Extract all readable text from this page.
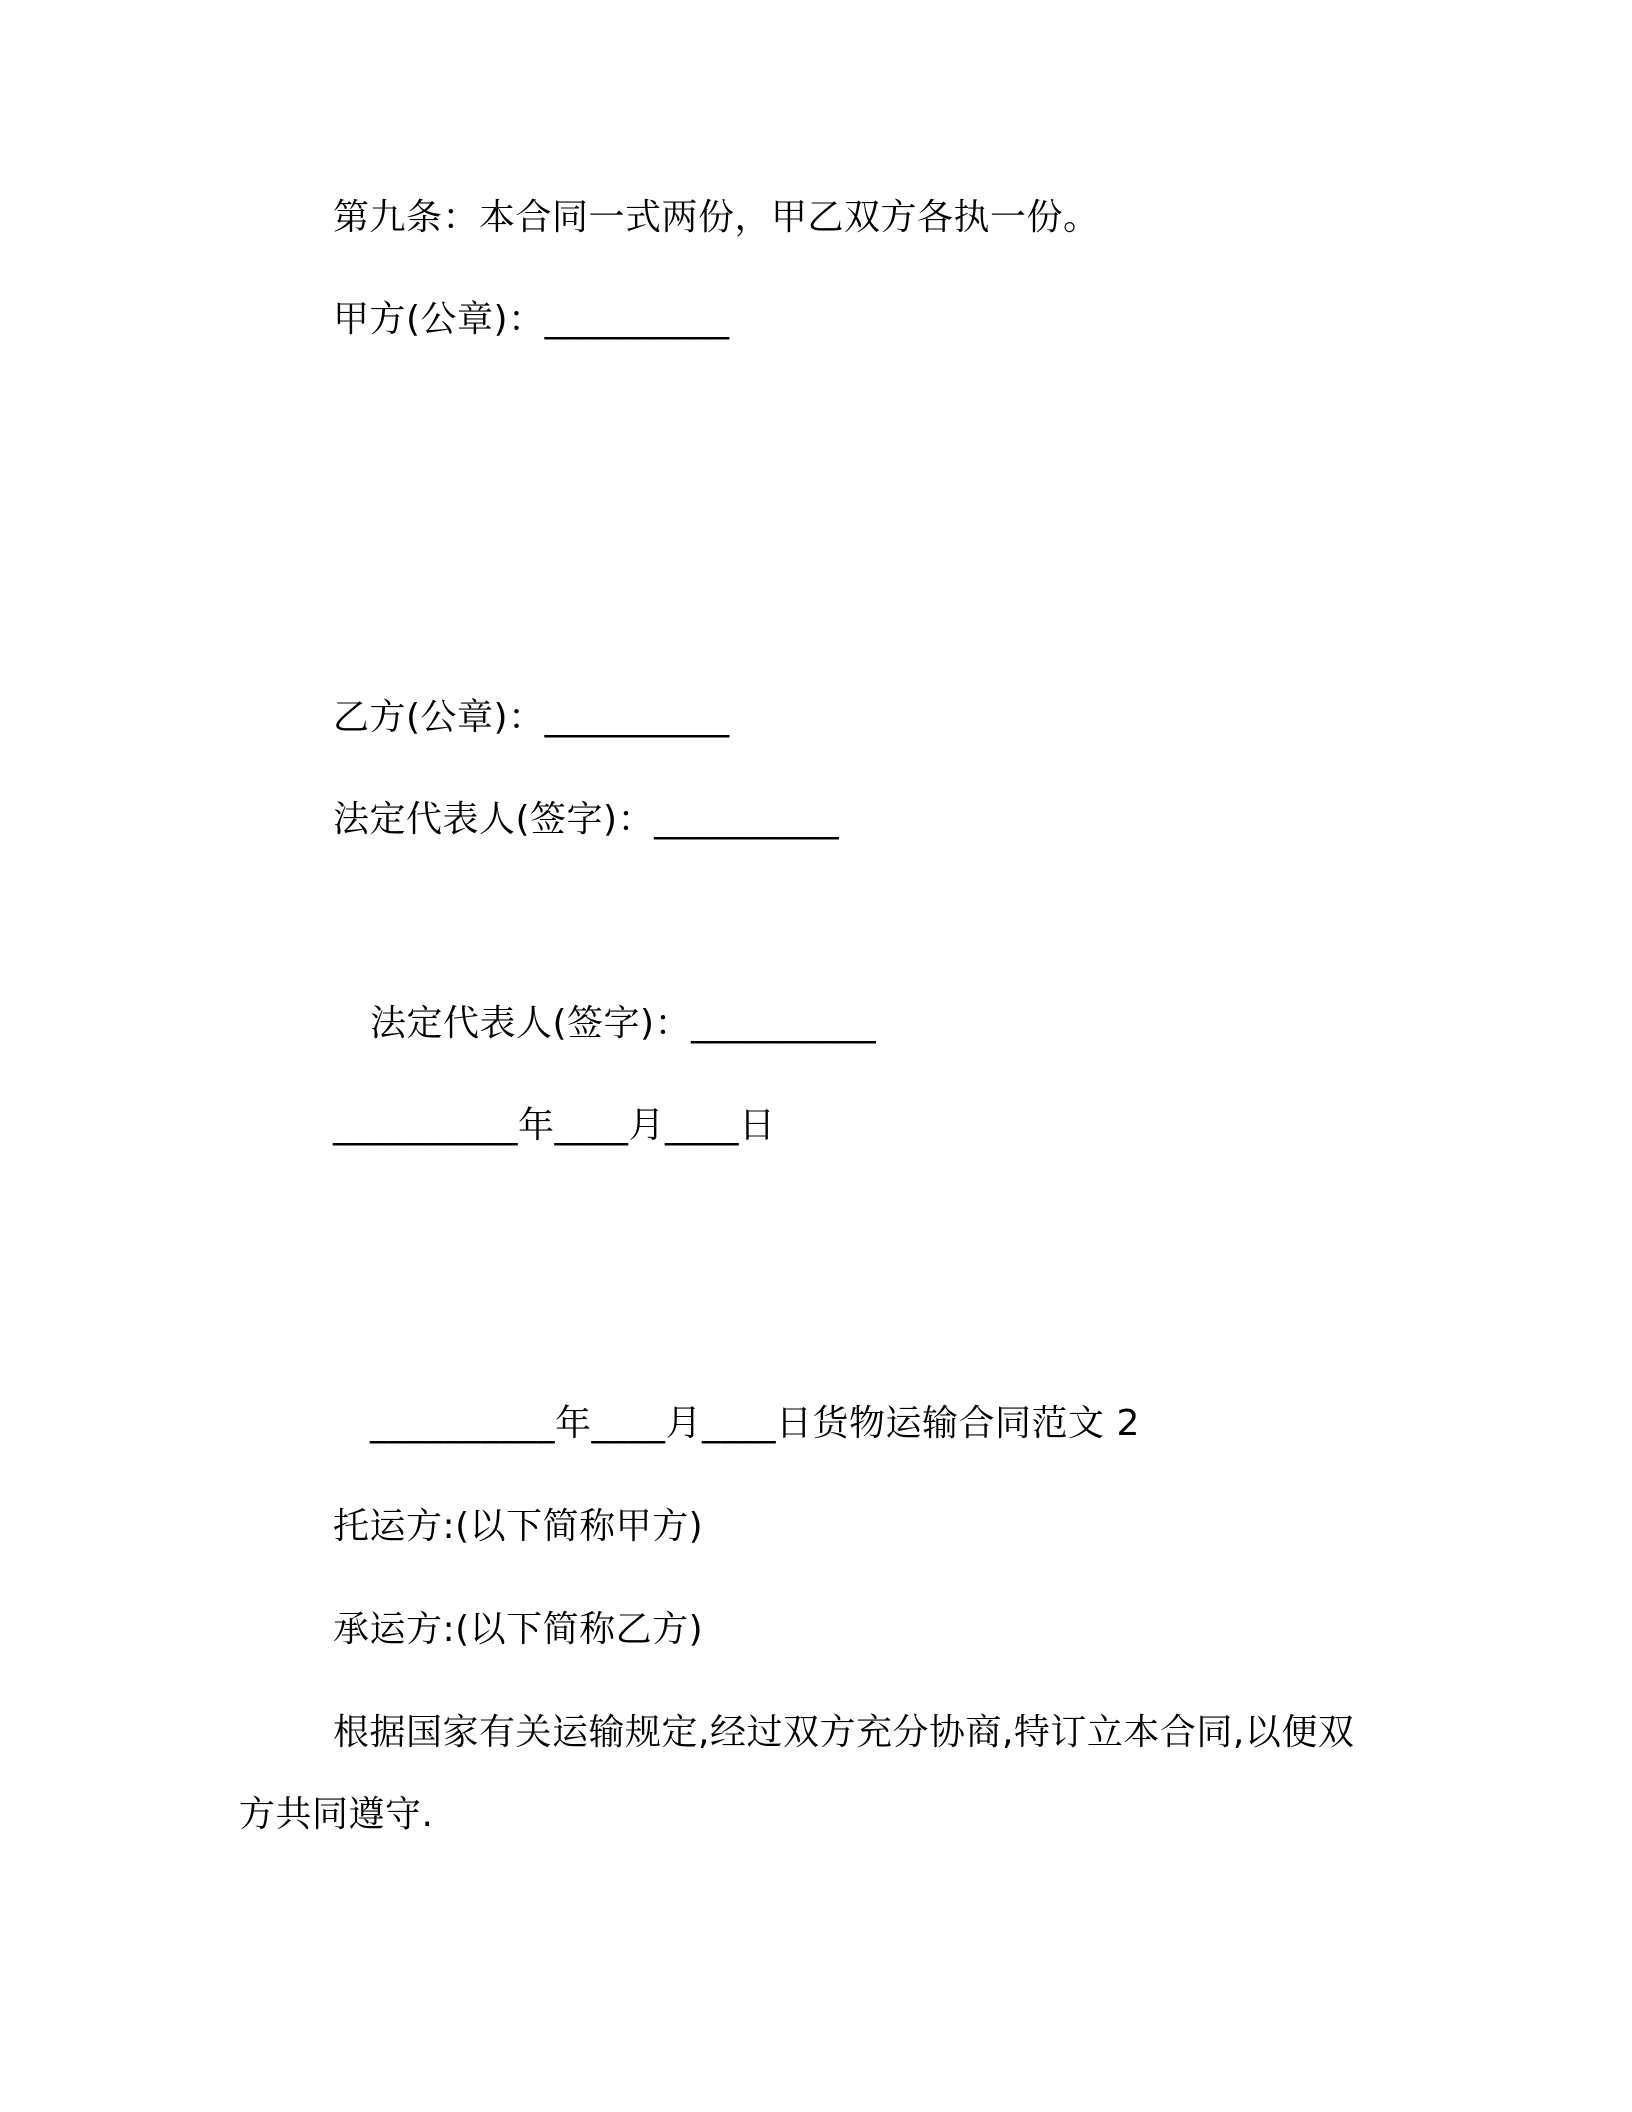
第九条：本合同一式两份，甲乙双方各执一份。
甲方(公章)：__________
乙方(公章)：__________
法定代表人(签字)：__________
法定代表人(签字)：__________
__________年____月____日
__________年____月____日货物运输合同范文 2
托运方:(以下简称甲方)
承运方:(以下简称乙方)
根据国家有关运输规定,经过双方充分协商,特订立本合同,以便双
方共同遵守.
